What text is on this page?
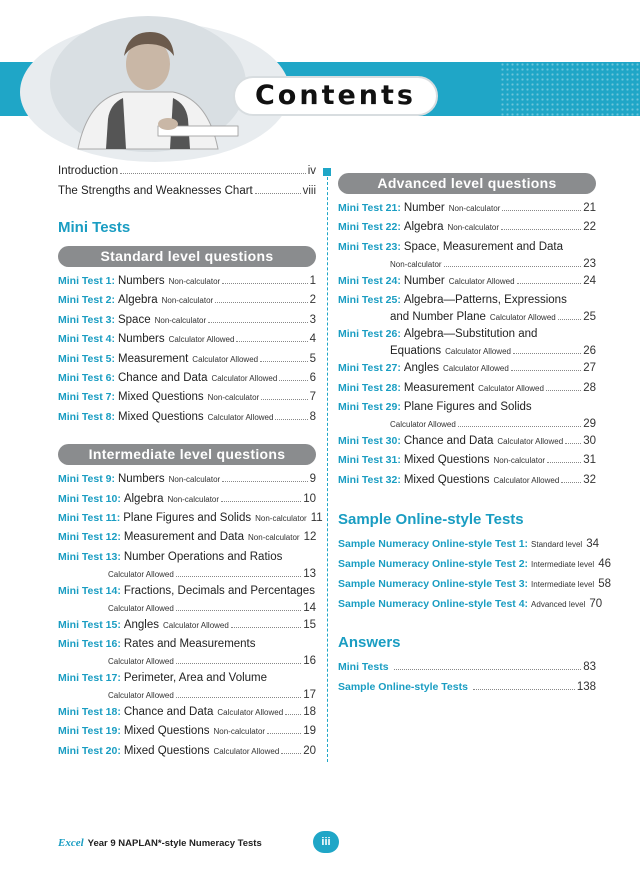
Contents
Introduction	iv
The Strengths and Weaknesses Chart	viii
Mini Tests
Standard level questions
Mini Test 1: Numbers Non-calculator	1
Mini Test 2: Algebra Non-calculator	2
Mini Test 3: Space Non-calculator	3
Mini Test 4: Numbers Calculator Allowed	4
Mini Test 5: Measurement Calculator Allowed	5
Mini Test 6: Chance and Data Calculator Allowed	6
Mini Test 7: Mixed Questions Non-calculator	7
Mini Test 8: Mixed Questions Calculator Allowed	8
Intermediate level questions
Mini Test 9: Numbers Non-calculator	9
Mini Test 10: Algebra Non-calculator	10
Mini Test 11: Plane Figures and Solids Non-calculator 11
Mini Test 12: Measurement and Data Non-calculator 12
Mini Test 13: Number Operations and Ratios
Calculator Allowed	13
Mini Test 14: Fractions, Decimals and Percentages
Calculator Allowed	14
Mini Test 15: Angles Calculator Allowed	15
Mini Test 16: Rates and Measurements
Calculator Allowed	16
Mini Test 17: Perimeter, Area and Volume
Calculator Allowed	17
Mini Test 18: Chance and Data Calculator Allowed 18
Mini Test 19: Mixed Questions Non-calculator	19
Mini Test 20: Mixed Questions Calculator Allowed 20
Advanced level questions
Mini Test 21: Number Non-calculator	21
Mini Test 22: Algebra Non-calculator	22
Mini Test 23: Space, Measurement and Data
Non-calculator	23
Mini Test 24: Number Calculator Allowed	24
Mini Test 25: Algebra—Patterns, Expressions
and Number Plane Calculator Allowed 25
Mini Test 26: Algebra—Substitution and
Equations Calculator Allowed	26
Mini Test 27: Angles Calculator Allowed	27
Mini Test 28: Measurement Calculator Allowed	28
Mini Test 29: Plane Figures and Solids
Calculator Allowed	29
Mini Test 30: Chance and Data Calculator Allowed 30
Mini Test 31: Mixed Questions Non-calculator	31
Mini Test 32: Mixed Questions Calculator Allowed 32
Sample Online-style Tests
Sample Numeracy Online-style Test 1: Standard level 34
Sample Numeracy Online-style Test 2: Intermediate level 46
Sample Numeracy Online-style Test 3: Intermediate level 58
Sample Numeracy Online-style Test 4: Advanced level 70
Answers
Mini Tests	83
Sample Online-style Tests	138
Excel Year 9 NAPLAN*-style Numeracy Tests	iii
